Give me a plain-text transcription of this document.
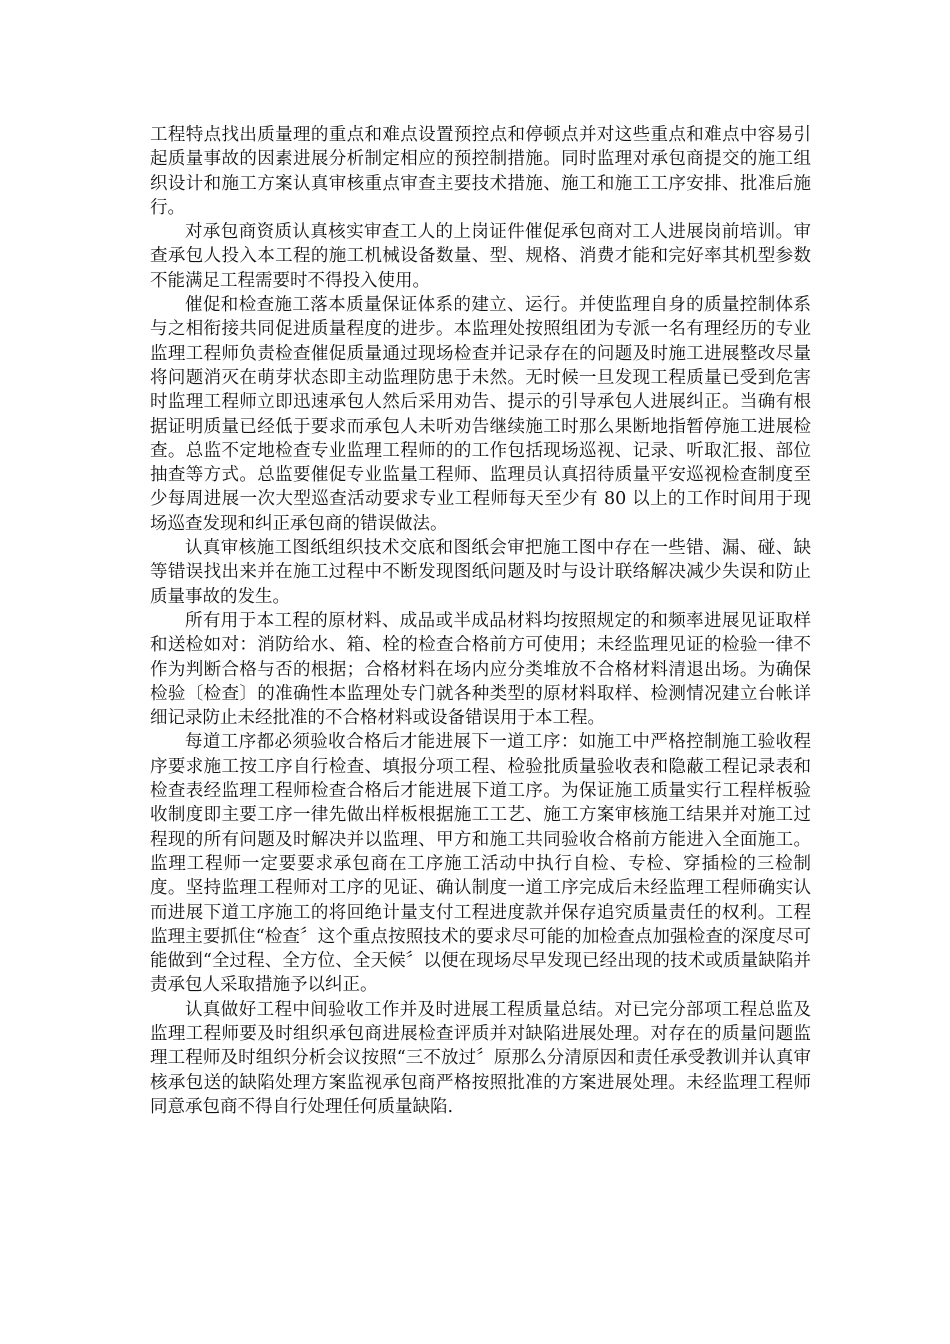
工程特点找出质量理的重点和难点设置预控点和停顿点并对这些重点和难点中容易引起质量事故的因素进展分析制定相应的预控制措施。同时监理对承包商提交的施工组织设计和施工方案认真审核重点审查主要技术措施、施工和施工工序安排、批准后施行。

对承包商资质认真核实审查工人的上岗证件催促承包商对工人进展岗前培训。审查承包人投入本工程的施工机械设备数量、型、规格、消费才能和完好率其机型参数不能满足工程需要时不得投入使用。

催促和检查施工落本质量保证体系的建立、运行。并使监理自身的质量控制体系与之相衔接共同促进质量程度的进步。本监理处按照组团为专派一名有理经历的专业监理工程师负责检查催促质量通过现场检查并记录存在的问题及时施工进展整改尽量将问题消灭在萌芽状态即主动监理防患于未然。无时候一旦发现工程质量已受到危害时监理工程师立即迅速承包人然后采用劝告、提示的引导承包人进展纠正。当确有根据证明质量已经低于要求而承包人未听劝告继续施工时那么果断地指暂停施工进展检查。总监不定地检查专业监理工程师的的工作包括现场巡视、记录、听取汇报、部位抽查等方式。总监要催促专业监量工程师、监理员认真招待质量平安巡视检查制度至少每周进展一次大型巡查活动要求专业工程师每天至少有 80 以上的工作时间用于现场巡查发现和纠正承包商的错误做法。

认真审核施工图纸组织技术交底和图纸会审把施工图中存在一些错、漏、碰、缺等错误找出来并在施工过程中不断发现图纸问题及时与设计联络解决减少失误和防止质量事故的发生。

所有用于本工程的原材料、成品或半成品材料均按照规定的和频率进展见证取样和送检如对：消防给水、箱、栓的检查合格前方可使用；未经监理见证的检验一律不作为判断合格与否的根据；合格材料在场内应分类堆放不合格材料清退出场。为确保检验〔检查〕的准确性本监理处专门就各种类型的原材料取样、检测情况建立台帐详细记录防止未经批准的不合格材料或设备错误用于本工程。

每道工序都必须验收合格后才能进展下一道工序：如施工中严格控制施工验收程序要求施工按工序自行检查、填报分项工程、检验批质量验收表和隐蔽工程记录表和检查表经监理工程师检查合格后才能进展下道工序。为保证施工质量实行工程样板验收制度即主要工序一律先做出样板根据施工工艺、施工方案审核施工结果并对施工过程现的所有问题及时解决并以监理、甲方和施工共同验收合格前方能进入全面施工。监理工程师一定要要求承包商在工序施工活动中执行自检、专检、穿插检的三检制度。坚持监理工程师对工序的见证、确认制度一道工序完成后未经监理工程师确实认而进展下道工序施工的将回绝计量支付工程进度款并保存追究质量责任的权利。工程监理主要抓住“检查〞这个重点按照技术的要求尽可能的加检查点加强检查的深度尽可能做到“全过程、全方位、全天候〞以便在现场尽早发现已经出现的技术或质量缺陷并责承包人采取措施予以纠正。

认真做好工程中间验收工作并及时进展工程质量总结。对已完分部项工程总监及监理工程师要及时组织承包商进展检查评质并对缺陷进展处理。对存在的质量问题监理工程师及时组织分析会议按照“三不放过〞原那么分清原因和责任承受教训并认真审核承包送的缺陷处理方案监视承包商严格按照批准的方案进展处理。未经监理工程师同意承包商不得自行处理任何质量缺陷.
